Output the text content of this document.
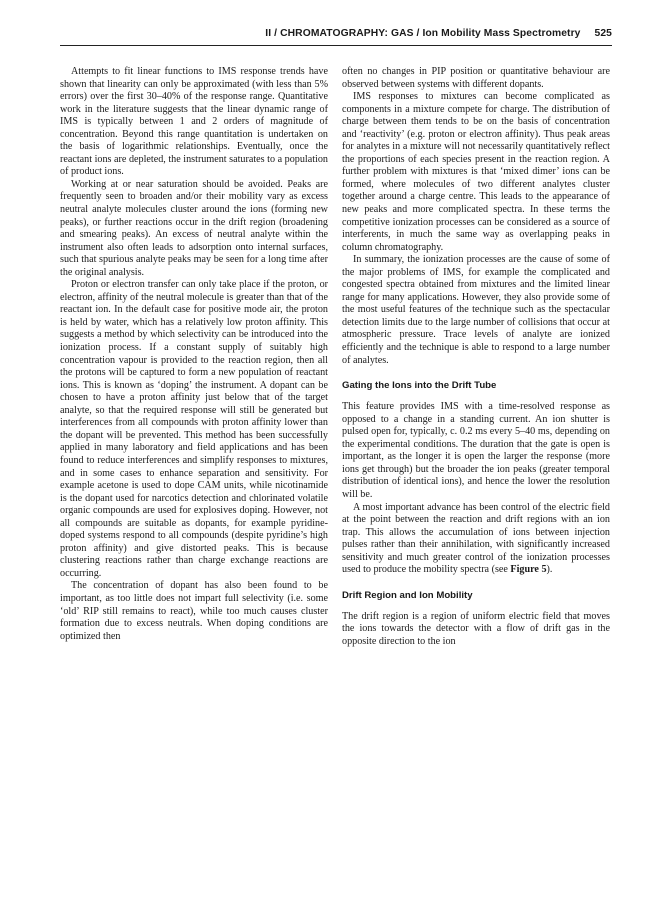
II / CHROMATOGRAPHY: GAS / Ion Mobility Mass Spectrometry 525

Attempts to fit linear functions to IMS response trends have shown that linearity can only be approximated (with less than 5% errors) over the first 30–40% of the response range. Quantitative work in the literature suggests that the linear dynamic range of IMS is typically between 1 and 2 orders of magnitude of concentration. Beyond this range quantitation is undertaken on the basis of logarithmic relationships. Eventually, once the reactant ions are depleted, the instrument saturates to a population of product ions.

Working at or near saturation should be avoided. Peaks are frequently seen to broaden and/or their mobility vary as excess neutral analyte molecules cluster around the ions (forming new peaks), or further reactions occur in the drift region (broadening and smearing peaks). An excess of neutral analyte within the instrument also often leads to adsorption onto internal surfaces, such that spurious analyte peaks may be seen for a long time after the original analysis.

Proton or electron transfer can only take place if the proton, or electron, affinity of the neutral molecule is greater than that of the reactant ion. In the default case for positive mode air, the proton is held by water, which has a relatively low proton affinity. This suggests a method by which selectivity can be introduced into the ionization process. If a constant supply of suitably high concentration vapour is provided to the reaction region, then all the protons will be captured to form a new population of reactant ions. This is known as ‘doping’ the instrument. A dopant can be chosen to have a proton affinity just below that of the target analyte, so that the required response will still be generated but interferences from all compounds with proton affinity lower than the dopant will be prevented. This method has been successfully applied in many laboratory and field applications and has been found to reduce interferences and simplify responses to mixtures, and in some cases to enhance separation and sensitivity. For example acetone is used to dope CAM units, while nicotinamide is the dopant used for narcotics detection and chlorinated volatile organic compounds are used for explosives doping. However, not all compounds are suitable as dopants, for example pyridine-doped systems respond to all compounds (despite pyridine’s high proton affinity) and give distorted peaks. This is because clustering reactions rather than charge exchange reactions are occurring.

The concentration of dopant has also been found to be important, as too little does not impart full selectivity (i.e. some ‘old’ RIP still remains to react), while too much causes cluster formation due to excess neutrals. When doping conditions are optimized then

often no changes in PIP position or quantitative behaviour are observed between systems with different dopants.

IMS responses to mixtures can become complicated as components in a mixture compete for charge. The distribution of charge between them tends to be on the basis of concentration and ‘reactivity’ (e.g. proton or electron affinity). Thus peak areas for analytes in a mixture will not necessarily quantitatively reflect the proportions of each species present in the reaction region. A further problem with mixtures is that ‘mixed dimer’ ions can be formed, where molecules of two different analytes cluster together around a charge centre. This leads to the appearance of new peaks and more complicated spectra. In these terms the competitive ionization processes can be considered as a source of interferents, in much the same way as overlapping peaks in column chromatography.

In summary, the ionization processes are the cause of some of the major problems of IMS, for example the complicated and congested spectra obtained from mixtures and the limited linear range for many applications. However, they also provide some of the most useful features of the technique such as the spectacular detection limits due to the large number of collisions that occur at atmospheric pressure. Trace levels of analyte are ionized efficiently and the technique is able to respond to a large number of analytes.

Gating the Ions into the Drift Tube

This feature provides IMS with a time-resolved response as opposed to a change in a standing current. An ion shutter is pulsed open for, typically, c. 0.2 ms every 5–40 ms, depending on the experimental conditions. The duration that the gate is open is important, as the longer it is open the larger the response (more ions get through) but the broader the ion peaks (greater temporal distribution of identical ions), and hence the lower the resolution will be.

A most important advance has been control of the electric field at the point between the reaction and drift regions with an ion trap. This allows the accumulation of ions between injection pulses rather than their annihilation, with significantly increased sensitivity and much greater control of the ionization processes used to produce the mobility spectra (see Figure 5).

Drift Region and Ion Mobility

The drift region is a region of uniform electric field that moves the ions towards the detector with a flow of drift gas in the opposite direction to the ion
